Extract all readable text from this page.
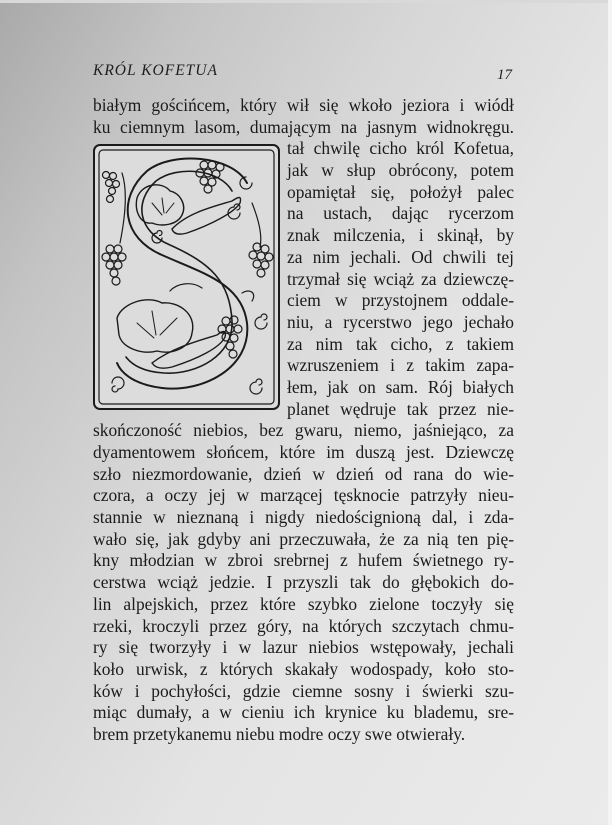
KRÓL KOFETUA	17
białym gościńcem, który wił się wkoło jeziora i wiódł
ku ciemnym lasom, dumającym na jasnym widnokręgu.
tał chwilę cicho król Kofetua,
jak w słup obrócony, potem
opamiętał się, położył palec
na ustach, dając rycerzom
znak milczenia, i skinął, by
za nim jechali. Od chwili tej
trzymał się wciąż za dziewczę-
ciem w przystojnem oddale-
niu, a rycerstwo jego jechało
za nim tak cicho, z takiem
wzruszeniem i z takim zapa-
łem, jak on sam. Rój białych
planet wędruje tak przez nie-
skończoność niebios, bez gwaru, niemo, jaśniejąco, za
dyamentowem słońcem, które im duszą jest. Dziewczę
szło niezmordowanie, dzień w dzień od rana do wie-
czora, a oczy jej w marzącej tęsknocie patrzyły nieu-
stannie w nieznaną i nigdy niedoścignioną dal, i zda-
wało się, jak gdyby ani przeczuwała, że za nią ten pię-
kny młodzian w zbroi srebrnej z hufem świetnego ry-
cerstwa wciąż jedzie. I przyszli tak do głębokich do-
lin alpejskich, przez które szybko zielone toczyły się
rzeki, kroczyli przez góry, na których szczytach chmu-
ry się tworzyły i w lazur niebios wstępowały, jechali
koło urwisk, z których skakały wodospady, koło sto-
ków i pochyłości, gdzie ciemne sosny i świerki szu-
miąc dumały, a w cieniu ich krynice ku blademu, sre-
brem przetykanemu niebu modre oczy swe otwierały.
